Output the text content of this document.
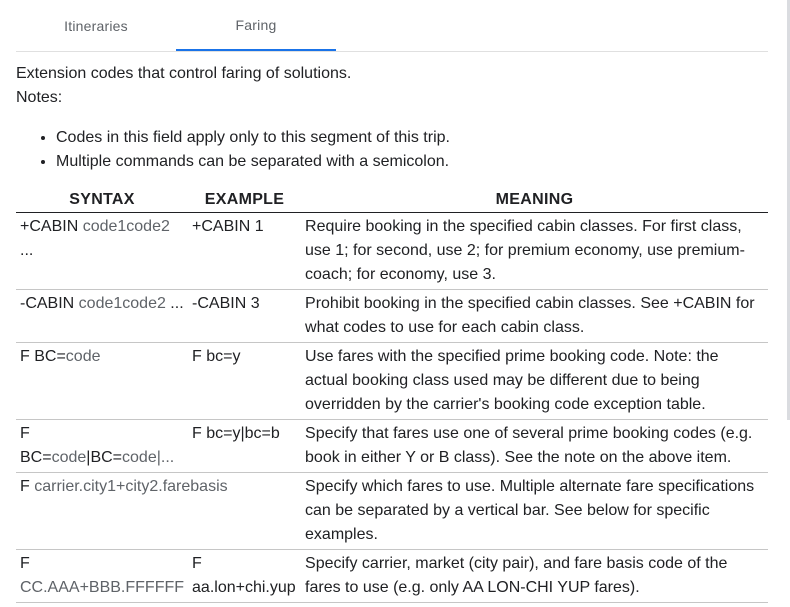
Itineraries	Faring

Extension codes that control faring of solutions.

Notes:

• Codes in this field apply only to this segment of this trip.
• Multiple commands can be separated with a semicolon.
SYNTAX	EXAMPLE	MEANING
+CABIN code1code2 ...	+CABIN 1	Require booking in the specified cabin classes. For first class, use 1; for second, use 2; for premium economy, use premium-coach; for economy, use 3.
-CABIN code1code2 ...	-CABIN 3	Prohibit booking in the specified cabin classes. See +CABIN for what codes to use for each cabin class.
F BC=code	F bc=y	Use fares with the specified prime booking code. Note: the actual booking class used may be different due to being overridden by the carrier's booking code exception table.
F BC=code|BC=code|...	F bc=y|bc=b	Specify that fares use one of several prime booking codes (e.g. book in either Y or B class). See the note on the above item.
F carrier.city1+city2.farebasis		Specify which fares to use. Multiple alternate fare specifications can be separated by a vertical bar. See below for specific examples.
F CC.AAA+BBB.FFFFFF	F aa.lon+chi.yup	Specify carrier, market (city pair), and fare basis code of the fares to use (e.g. only AA LON-CHI YUP fares).
